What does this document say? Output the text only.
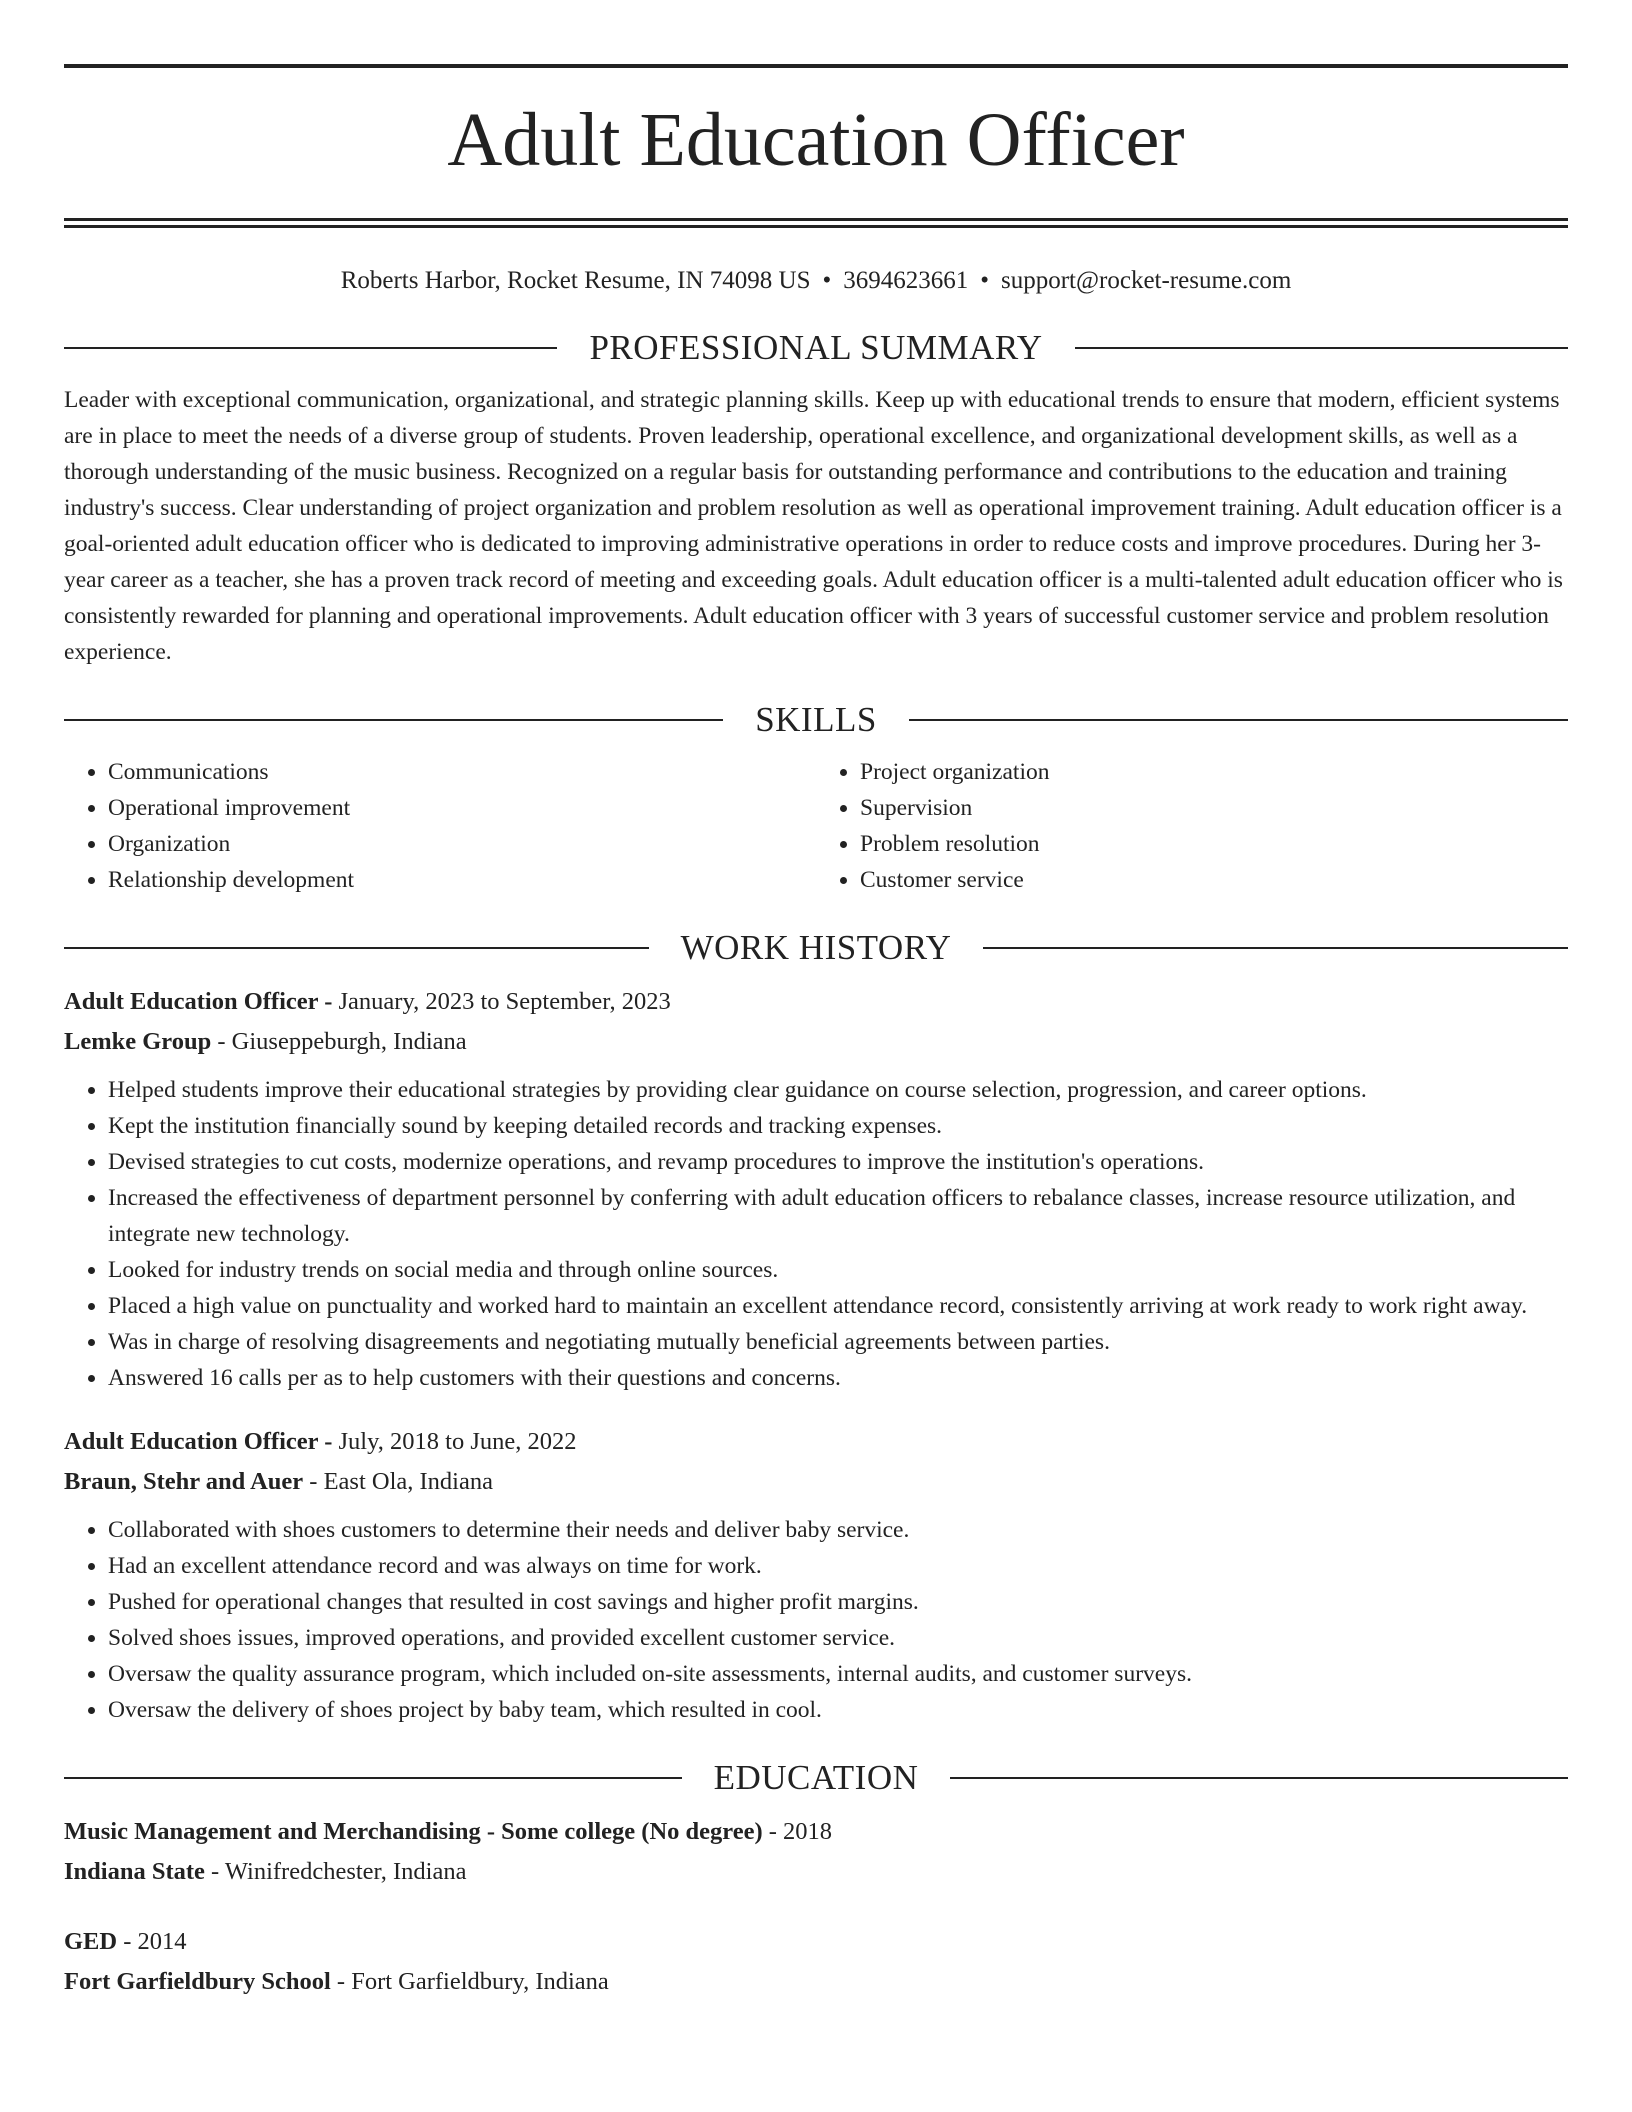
Adult Education Officer
Roberts Harbor, Rocket Resume, IN 74098 US • 3694623661 • support@rocket-resume.com
PROFESSIONAL SUMMARY

Leader with exceptional communication, organizational, and strategic planning skills. Keep up with educational trends to ensure that modern, efficient systems are in place to meet the needs of a diverse group of students. Proven leadership, operational excellence, and organizational development skills, as well as a thorough understanding of the music business. Recognized on a regular basis for outstanding performance and contributions to the education and training industry's success. Clear understanding of project organization and problem resolution as well as operational improvement training. Adult education officer is a goal-oriented adult education officer who is dedicated to improving administrative operations in order to reduce costs and improve procedures. During her 3-year career as a teacher, she has a proven track record of meeting and exceeding goals. Adult education officer is a multi-talented adult education officer who is consistently rewarded for planning and operational improvements. Adult education officer with 3 years of successful customer service and problem resolution experience.

SKILLS
• Communications
• Operational improvement
• Organization
• Relationship development
• Project organization
• Supervision
• Problem resolution
• Customer service
WORK HISTORY
Adult Education Officer - January, 2023 to September, 2023
Lemke Group - Giuseppeburgh, Indiana
• Helped students improve their educational strategies by providing clear guidance on course selection, progression, and career options.
• Kept the institution financially sound by keeping detailed records and tracking expenses.
• Devised strategies to cut costs, modernize operations, and revamp procedures to improve the institution's operations.
• Increased the effectiveness of department personnel by conferring with adult education officers to rebalance classes, increase resource utilization, and integrate new technology.
• Looked for industry trends on social media and through online sources.
• Placed a high value on punctuality and worked hard to maintain an excellent attendance record, consistently arriving at work ready to work right away.
• Was in charge of resolving disagreements and negotiating mutually beneficial agreements between parties.
• Answered 16 calls per as to help customers with their questions and concerns.
Adult Education Officer - July, 2018 to June, 2022
Braun, Stehr and Auer - East Ola, Indiana
• Collaborated with shoes customers to determine their needs and deliver baby service.
• Had an excellent attendance record and was always on time for work.
• Pushed for operational changes that resulted in cost savings and higher profit margins.
• Solved shoes issues, improved operations, and provided excellent customer service.
• Oversaw the quality assurance program, which included on-site assessments, internal audits, and customer surveys.
• Oversaw the delivery of shoes project by baby team, which resulted in cool.
EDUCATION
Music Management and Merchandising - Some college (No degree) - 2018
Indiana State - Winifredchester, Indiana
GED - 2014
Fort Garfieldbury School - Fort Garfieldbury, Indiana
